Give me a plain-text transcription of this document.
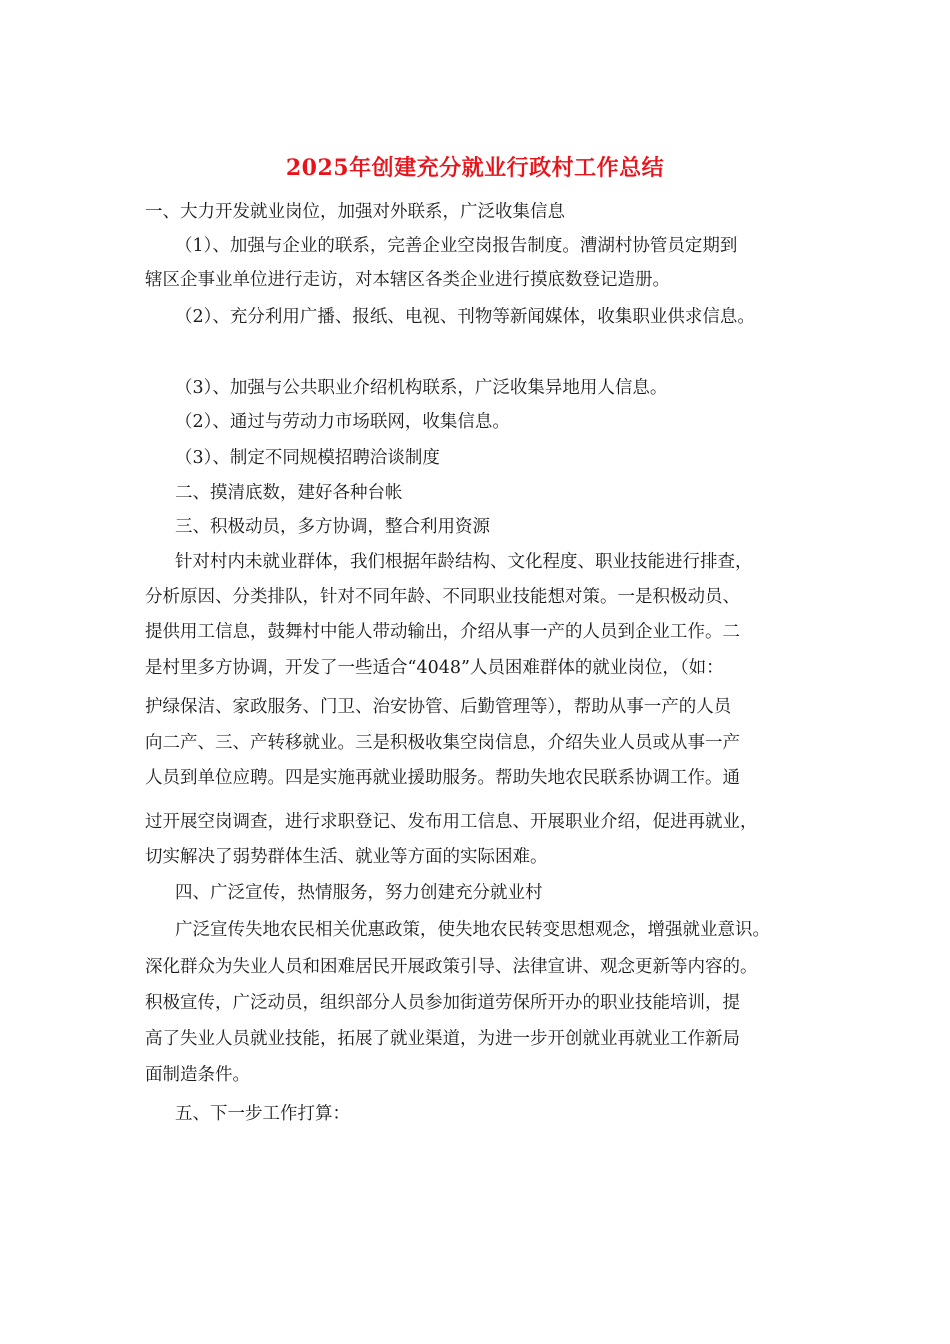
2025年创建充分就业行政村工作总结
一、大力开发就业岗位，加强对外联系，广泛收集信息
（1）、加强与企业的联系，完善企业空岗报告制度。漕湖村协管员定期到
辖区企事业单位进行走访，对本辖区各类企业进行摸底数登记造册。
（2）、充分利用广播、报纸、电视、刊物等新闻媒体，收集职业供求信息。
（3）、加强与公共职业介绍机构联系，广泛收集异地用人信息。
（2）、通过与劳动力市场联网，收集信息。
（3）、制定不同规模招聘洽谈制度
二、摸清底数，建好各种台帐
三、积极动员，多方协调，整合利用资源
针对村内未就业群体，我们根据年龄结构、文化程度、职业技能进行排查，
分析原因、分类排队，针对不同年龄、不同职业技能想对策。一是积极动员、
提供用工信息，鼓舞村中能人带动输出，介绍从事一产的人员到企业工作。二
是村里多方协调，开发了一些适合“4048”人员困难群体的就业岗位，（如：
护绿保洁、家政服务、门卫、治安协管、后勤管理等），帮助从事一产的人员
向二产、三、产转移就业。三是积极收集空岗信息，介绍失业人员或从事一产
人员到单位应聘。四是实施再就业援助服务。帮助失地农民联系协调工作。通
过开展空岗调查，进行求职登记、发布用工信息、开展职业介绍，促进再就业，
切实解决了弱势群体生活、就业等方面的实际困难。
四、广泛宣传，热情服务，努力创建充分就业村
广泛宣传失地农民相关优惠政策，使失地农民转变思想观念，增强就业意识。
深化群众为失业人员和困难居民开展政策引导、法律宣讲、观念更新等内容的。
积极宣传，广泛动员，组织部分人员参加街道劳保所开办的职业技能培训，提
高了失业人员就业技能，拓展了就业渠道，为进一步开创就业再就业工作新局
面制造条件。
五、下一步工作打算：
